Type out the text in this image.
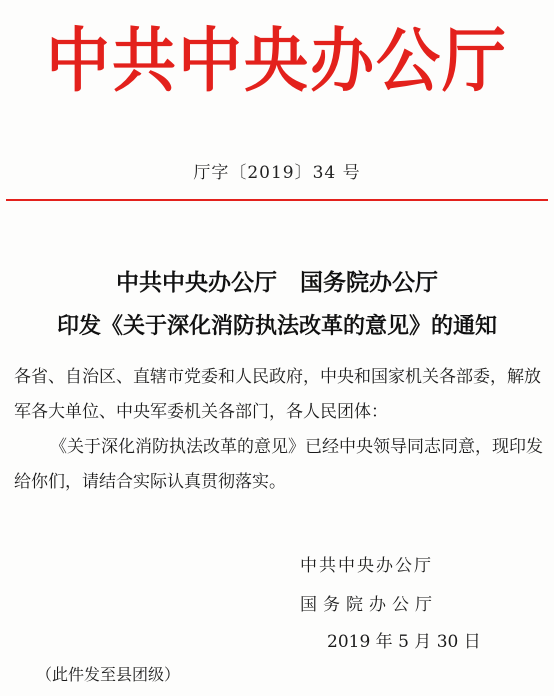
中共中央办公厅
厅字〔2019〕34 号
中共中央办公厅　国务院办公厅
印发《关于深化消防执法改革的意见》的通知
各省、自治区、直辖市党委和人民政府，中央和国家机关各部委，解放军各大单位、中央军委机关各部门，各人民团体：
《关于深化消防执法改革的意见》已经中央领导同志同意，现印发给你们，请结合实际认真贯彻落实。
中共中央办公厅
国务院办公厅
2019 年 5 月 30 日
（此件发至县团级）
